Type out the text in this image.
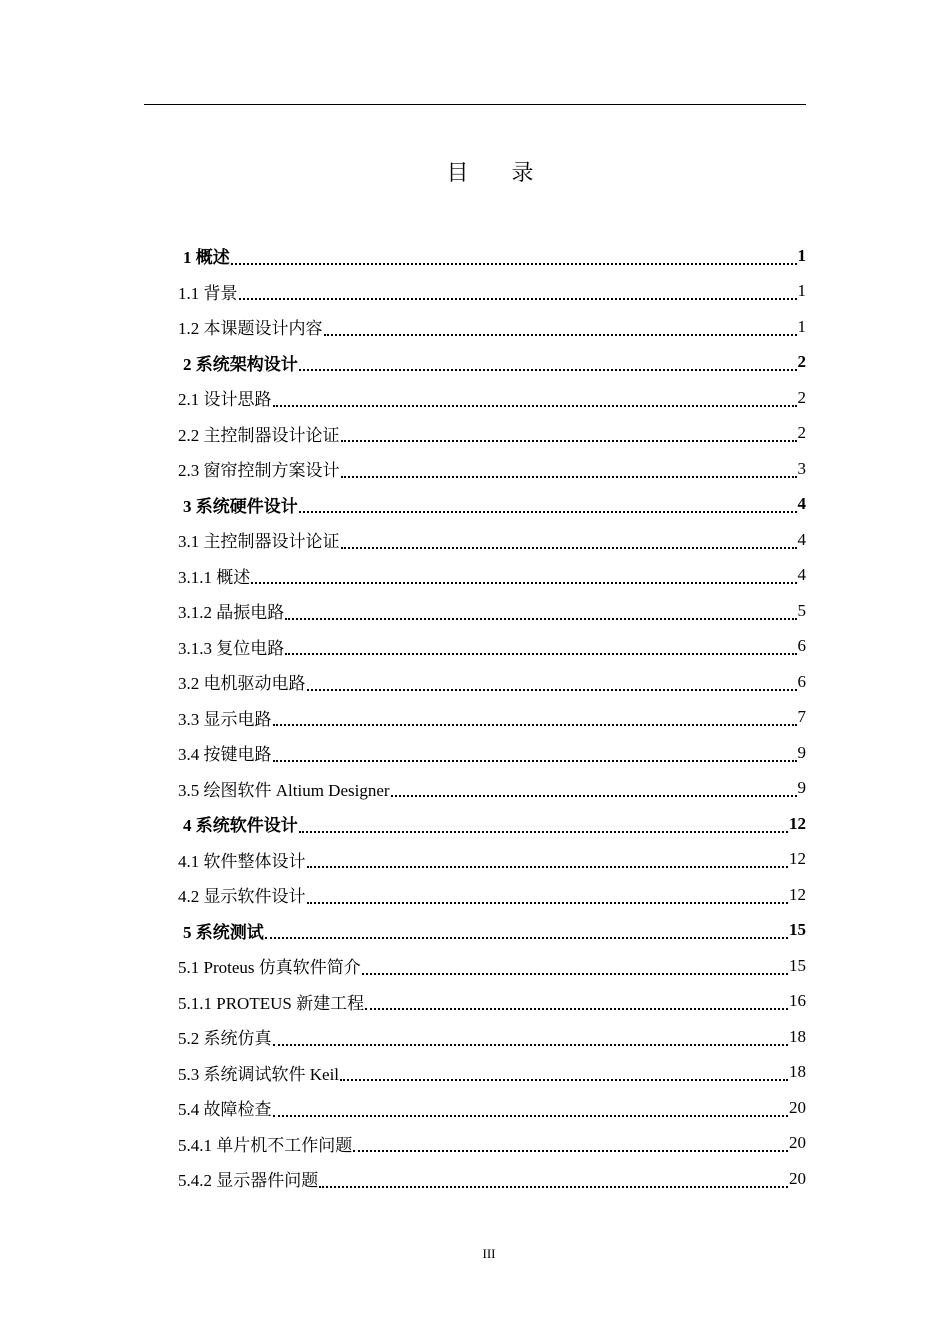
目 录
1 概述	1
1.1 背景	1
1.2 本课题设计内容	1
2 系统架构设计	2
2.1 设计思路	2
2.2 主控制器设计论证	2
2.3 窗帘控制方案设计	3
3 系统硬件设计	4
3.1 主控制器设计论证	4
3.1.1 概述	4
3.1.2 晶振电路	5
3.1.3 复位电路	6
3.2 电机驱动电路	6
3.3 显示电路	7
3.4 按键电路	9
3.5 绘图软件 Altium Designer	9
4 系统软件设计	12
4.1 软件整体设计	12
4.2 显示软件设计	12
5 系统测试	15
5.1 Proteus 仿真软件简介	15
5.1.1 PROTEUS 新建工程	16
5.2 系统仿真	18
5.3 系统调试软件 Keil	18
5.4 故障检查	20
5.4.1 单片机不工作问题	20
5.4.2 显示器件问题	20
III
